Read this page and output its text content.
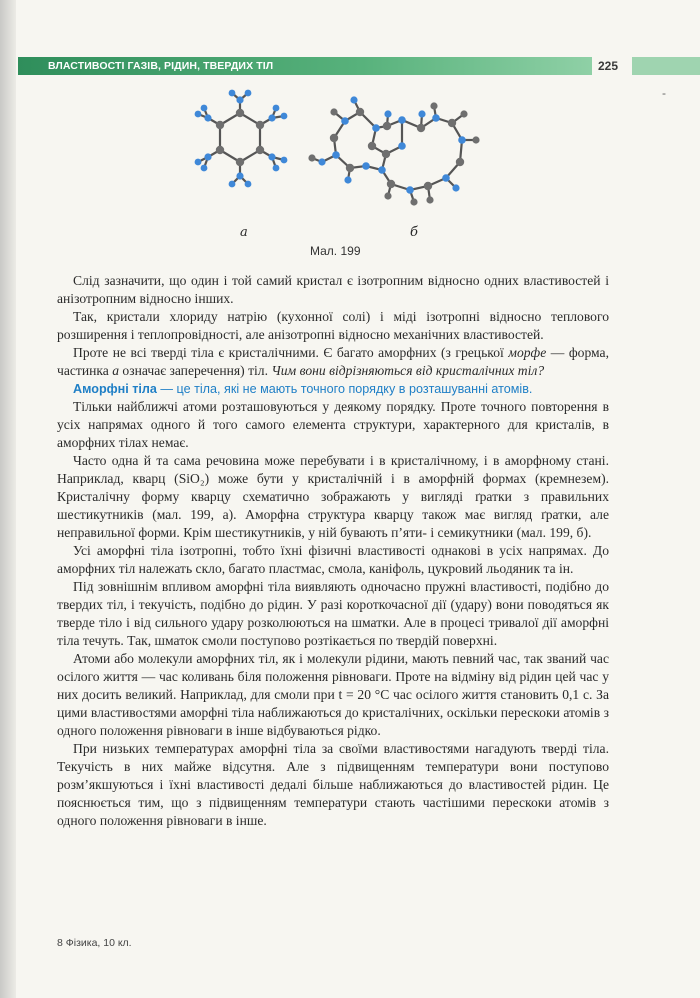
ВЛАСТИВОСТІ ГАЗІВ, РІДИН, ТВЕРДИХ ТІЛ	225
-
а	б
Мал. 199

Слід зазначити, що один і той самий кристал є ізотропним відносно одних властивостей і анізотропним відносно інших.

Так, кристали хлориду натрію (кухонної солі) і міді ізотропні відносно теплового розширення і теплопровідності, але анізотропні відносно механічних властивостей.

Проте не всі тверді тіла є кристалічними. Є багато аморфних (з грецької морфе — форма, частинка а означає заперечення) тіл. Чим вони відрізняються від кристалічних тіл?

Аморфні тіла — це тіла, які не мають точного порядку в розташуванні атомів.

Тільки найближчі атоми розташовуються у деякому порядку. Проте точного повторення в усіх напрямах одного й того самого елемента структури, характерного для кристалів, в аморфних тілах немає.

Часто одна й та сама речовина може перебувати і в кристалічному, і в аморфному стані. Наприклад, кварц (SiO₂) може бути у кристалічній і в аморфній формах (кремнезем). Кристалічну форму кварцу схематично зображають у вигляді ґратки з правильних шестикутників (мал. 199, а). Аморфна структура кварцу також має вигляд ґратки, але неправильної форми. Крім шестикутників, у ній бувають п’яти- і семикутники (мал. 199, б).

Усі аморфні тіла ізотропні, тобто їхні фізичні властивості однакові в усіх напрямах. До аморфних тіл належать скло, багато пластмас, смола, каніфоль, цукровий льодяник та ін.

Під зовнішнім впливом аморфні тіла виявляють одночасно пружні властивості, подібно до твердих тіл, і текучість, подібно до рідин. У разі короткочасної дії (удару) вони поводяться як тверде тіло і від сильного удару розколюються на шматки. Але в процесі тривалої дії аморфні тіла течуть. Так, шматок смоли поступово розтікається по твердій поверхні.

Атоми або молекули аморфних тіл, як і молекули рідини, мають певний час, так званий час осілого життя — час коливань біля положення рівноваги. Проте на відміну від рідин цей час у них досить великий. Наприклад, для смоли при t = 20 °C час осілого життя становить 0,1 с. За цими властивостями аморфні тіла наближаються до кристалічних, оскільки перескоки атомів з одного положення рівноваги в інше відбуваються рідко.

При низьких температурах аморфні тіла за своїми властивостями нагадують тверді тіла. Текучість в них майже відсутня. Але з підвищенням температури вони поступово розм’якшуються і їхні властивості дедалі більше наближаються до властивостей рідин. Це пояснюється тим, що з підвищенням температури стають частішими перескоки атомів з одного положення рівноваги в інше.

8 Фізика, 10 кл.
